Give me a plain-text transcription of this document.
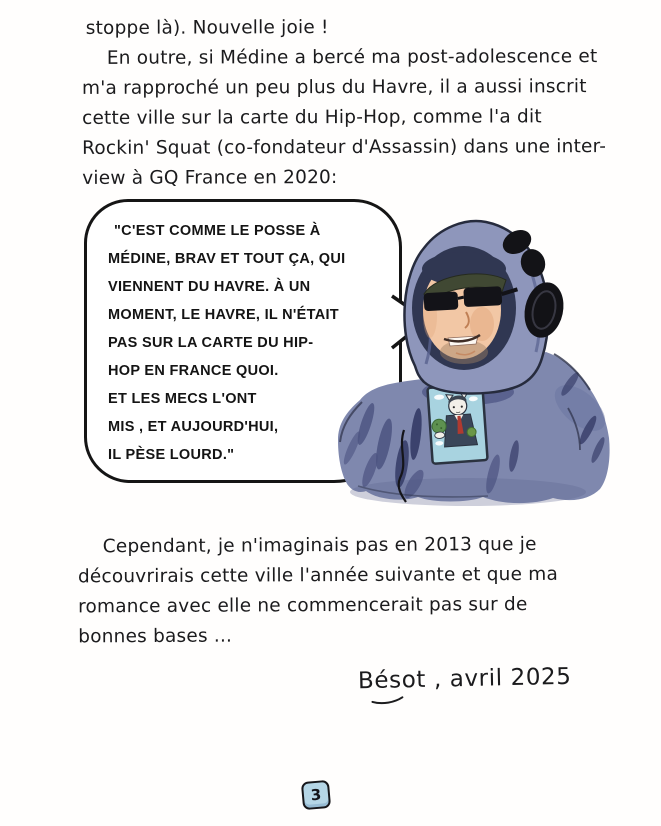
stoppe là). Nouvelle joie !
En outre, si Médine a bercé ma post-adolescence et
m'a rapproché un peu plus du Havre, il a aussi inscrit
cette ville sur la carte du Hip-Hop, comme l'a dit
Rockin' Squat (co-fondateur d'Assassin) dans une inter-
view à GQ France en 2020:
"C'EST COMME LE POSSE À
MÉDINE, BRAV ET TOUT ÇA, QUI
VIENNENT DU HAVRE. À UN
MOMENT, LE HAVRE, IL N'ÉTAIT
PAS SUR LA CARTE DU HIP-
HOP EN FRANCE QUOI.
ET LES MECS L'ONT
MIS , ET AUJOURD'HUI,
IL PÈSE LOURD."
Cependant, je n'imaginais pas en 2013 que je
découvrirais cette ville l'année suivante et que ma
romance avec elle ne commencerait pas sur de
bonnes bases ...
Bésot , avril 2025
3
